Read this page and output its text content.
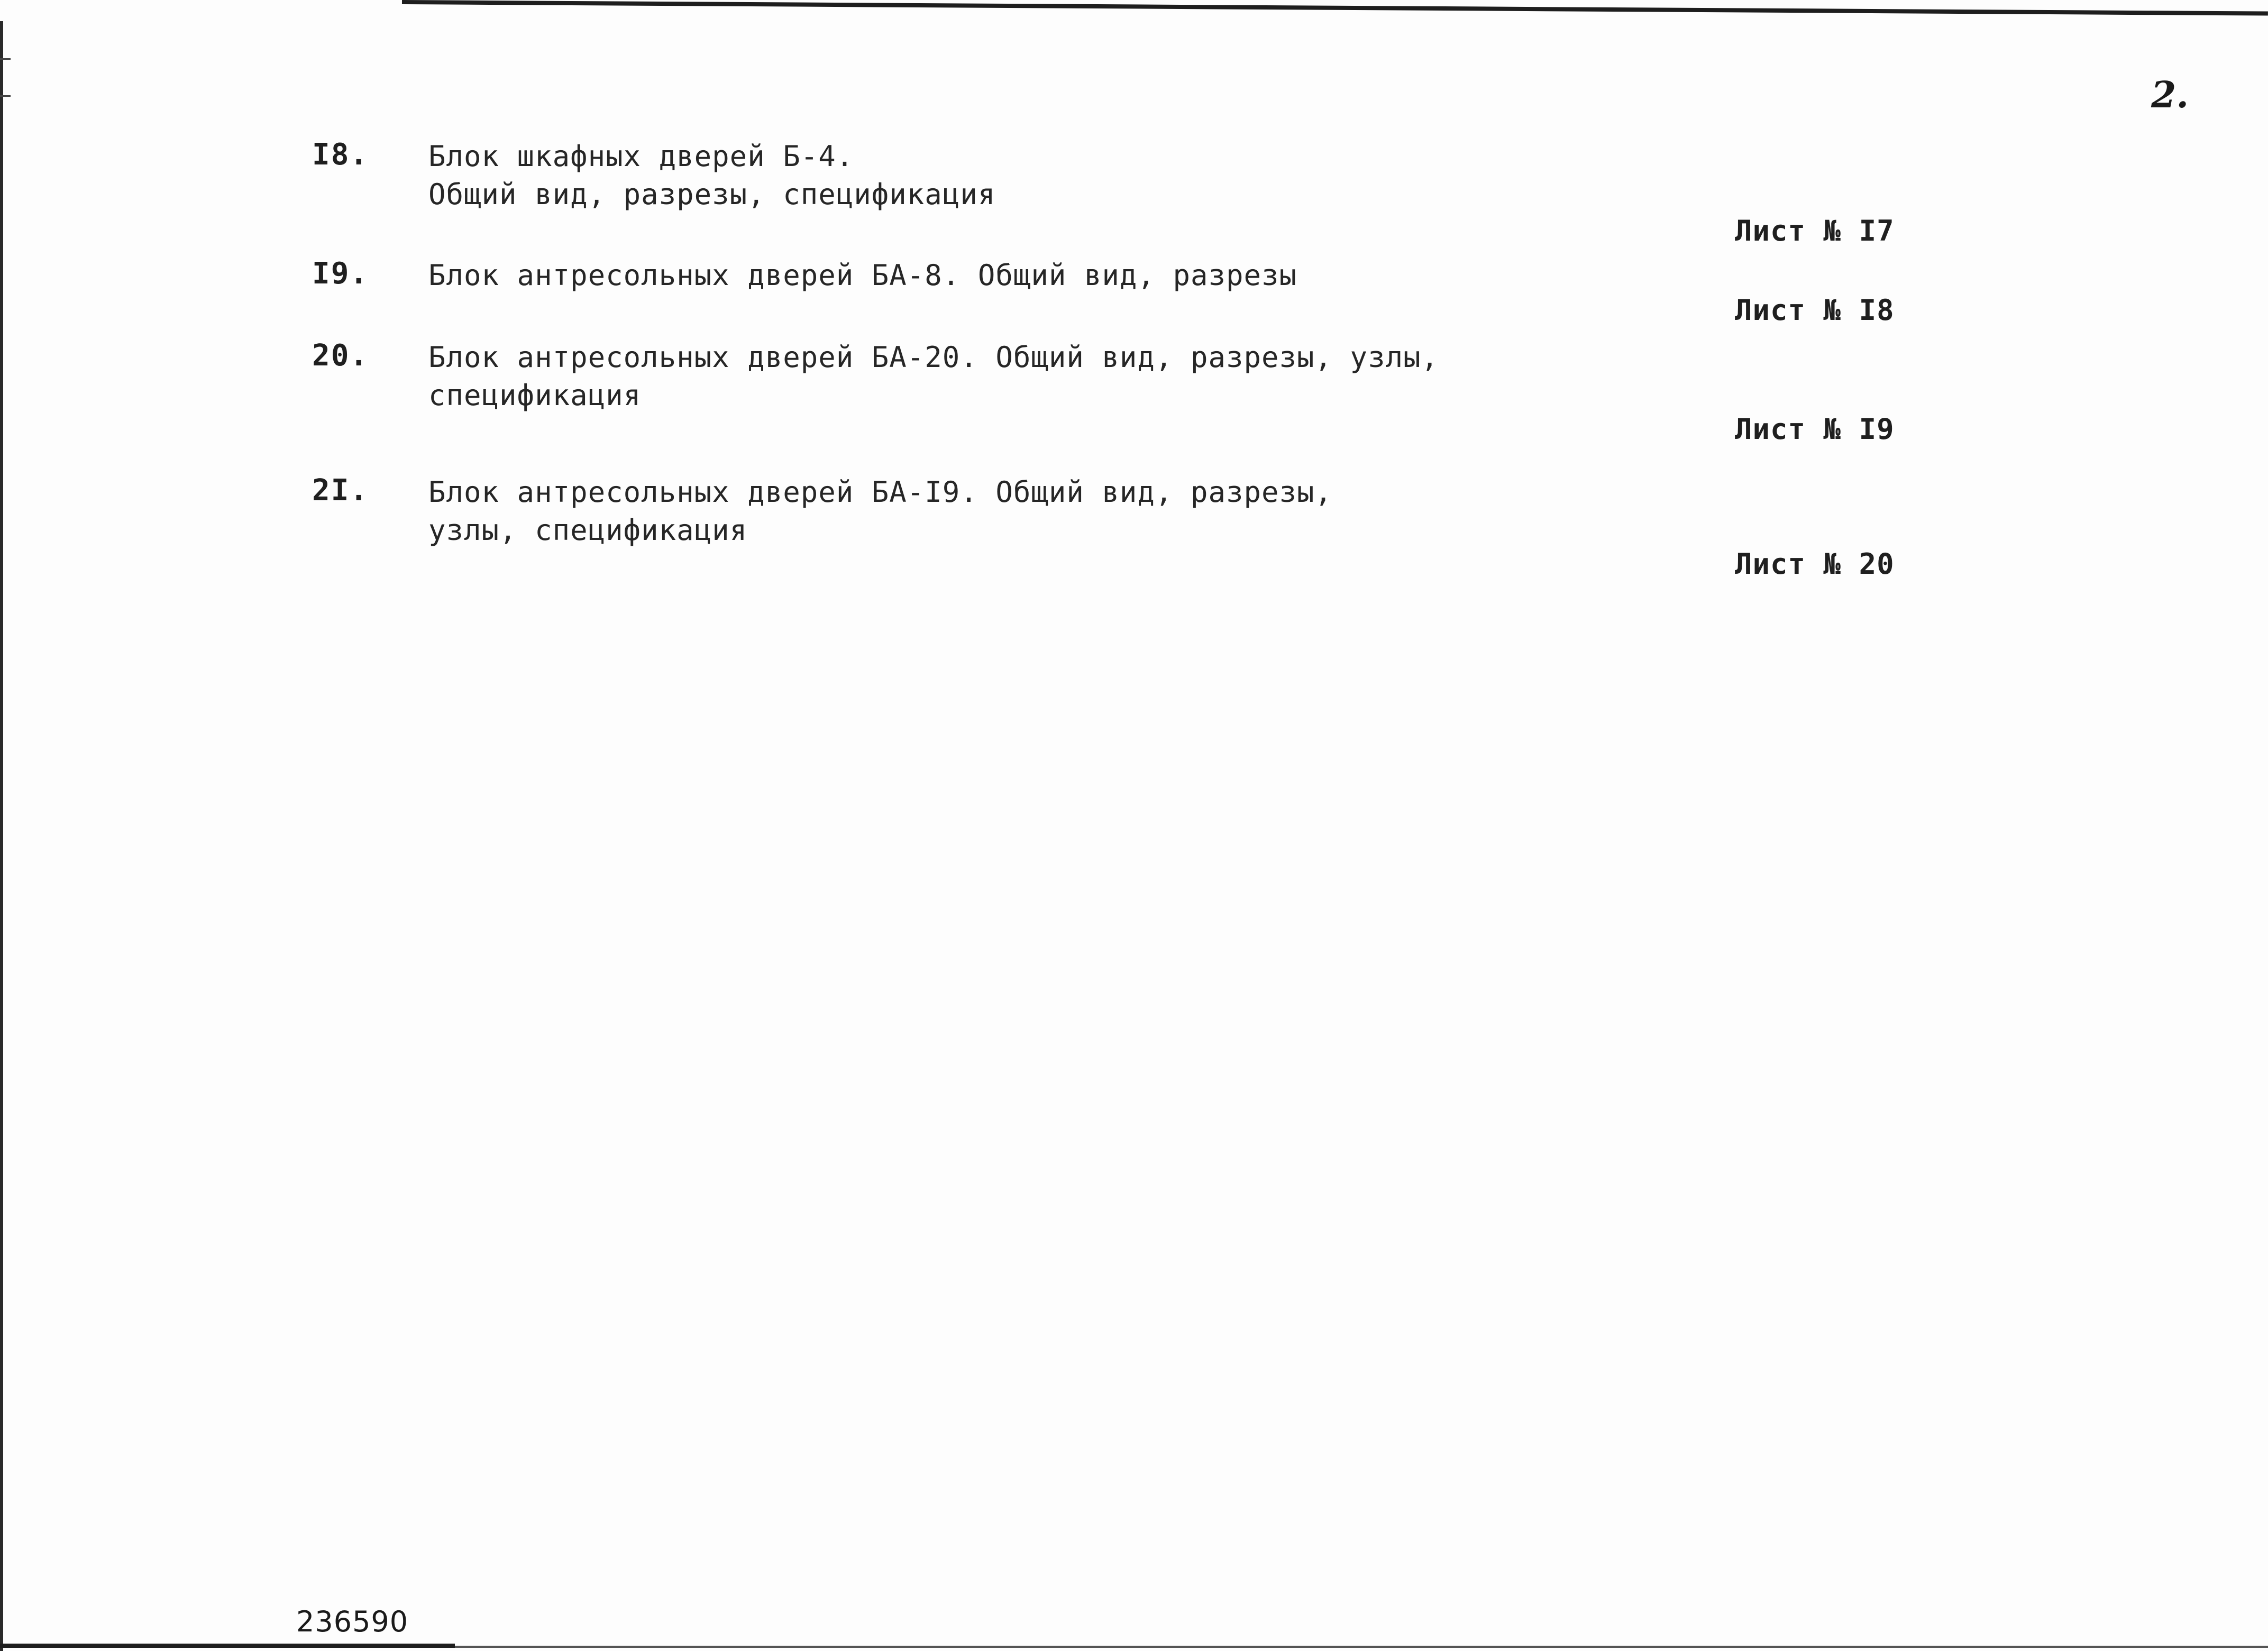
2.
I8. Блок шкафных дверей Б-4.
Общий вид, разрезы, спецификация
Лист № I7
I9. Блок антресольных дверей БА-8. Общий вид, разрезы
Лист № I8
20. Блок антресольных дверей БА-20. Общий вид, разрезы, узлы,
спецификация
Лист № I9
2I. Блок антресольных дверей БА-I9. Общий вид, разрезы,
узлы, спецификация
Лист № 20
236590
